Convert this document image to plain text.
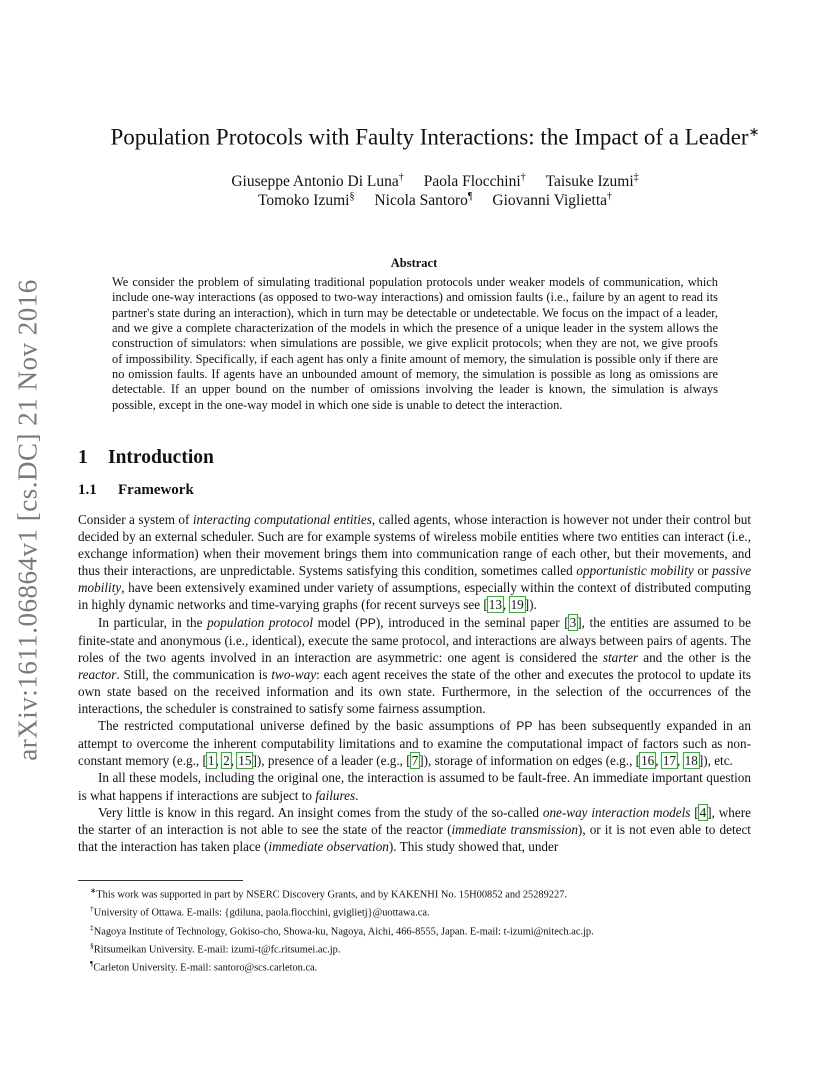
arXiv:1611.06864v1 [cs.DC] 21 Nov 2016
Population Protocols with Faulty Interactions: the Impact of a Leader∗
Giuseppe Antonio Di Luna† Paola Flocchini† Taisuke Izumi‡
Tomoko Izumi§ Nicola Santoro¶ Giovanni Viglietta†
Abstract

We consider the problem of simulating traditional population protocols under weaker models of communication, which include one-way interactions (as opposed to two-way interactions) and omission faults (i.e., failure by an agent to read its partner's state during an interaction), which in turn may be detectable or undetectable. We focus on the impact of a leader, and we give a complete characterization of the models in which the presence of a unique leader in the system allows the construction of simulators: when simulations are possible, we give explicit protocols; when they are not, we give proofs of impossibility. Specifically, if each agent has only a finite amount of memory, the simulation is possible only if there are no omission faults. If agents have an unbounded amount of memory, the simulation is possible as long as omissions are detectable. If an upper bound on the number of omissions involving the leader is known, the simulation is always possible, except in the one-way model in which one side is unable to detect the interaction.

1 Introduction
1.1 Framework

Consider a system of interacting computational entities, called agents, whose interaction is however not under their control but decided by an external scheduler. Such are for example systems of wireless mobile entities where two entities can interact (i.e., exchange information) when their movement brings them into communication range of each other, but their movements, and thus their interactions, are unpredictable. Systems satisfying this condition, sometimes called opportunistic mobility or passive mobility, have been extensively examined under variety of assumptions, especially within the context of distributed computing in highly dynamic networks and time-varying graphs (for recent surveys see [13, 19]).

In particular, in the population protocol model (PP), introduced in the seminal paper [3], the entities are assumed to be finite-state and anonymous (i.e., identical), execute the same protocol, and interactions are always between pairs of agents. The roles of the two agents involved in an interaction are asymmetric: one agent is considered the starter and the other is the reactor. Still, the communication is two-way: each agent receives the state of the other and executes the protocol to update its own state based on the received information and its own state. Furthermore, in the selection of the occurrences of the interactions, the scheduler is constrained to satisfy some fairness assumption.

The restricted computational universe defined by the basic assumptions of PP has been subsequently expanded in an attempt to overcome the inherent computability limitations and to examine the computational impact of factors such as non-constant memory (e.g., [1, 2, 15]), presence of a leader (e.g., [7]), storage of information on edges (e.g., [16, 17, 18]), etc.

In all these models, including the original one, the interaction is assumed to be fault-free. An immediate important question is what happens if interactions are subject to failures.

Very little is know in this regard. An insight comes from the study of the so-called one-way interaction models [4], where the starter of an interaction is not able to see the state of the reactor (immediate transmission), or it is not even able to detect that the interaction has taken place (immediate observation). This study showed that, under

∗This work was supported in part by NSERC Discovery Grants, and by KAKENHI No. 15H00852 and 25289227.
†University of Ottawa. E-mails: {gdiluna, paola.flocchini, gviglietj}@uottawa.ca.
‡Nagoya Institute of Technology, Gokiso-cho, Showa-ku, Nagoya, Aichi, 466-8555, Japan. E-mail: t-izumi@nitech.ac.jp.
§Ritsumeikan University. E-mail: izumi-t@fc.ritsumei.ac.jp.
¶Carleton University. E-mail: santoro@scs.carleton.ca.
